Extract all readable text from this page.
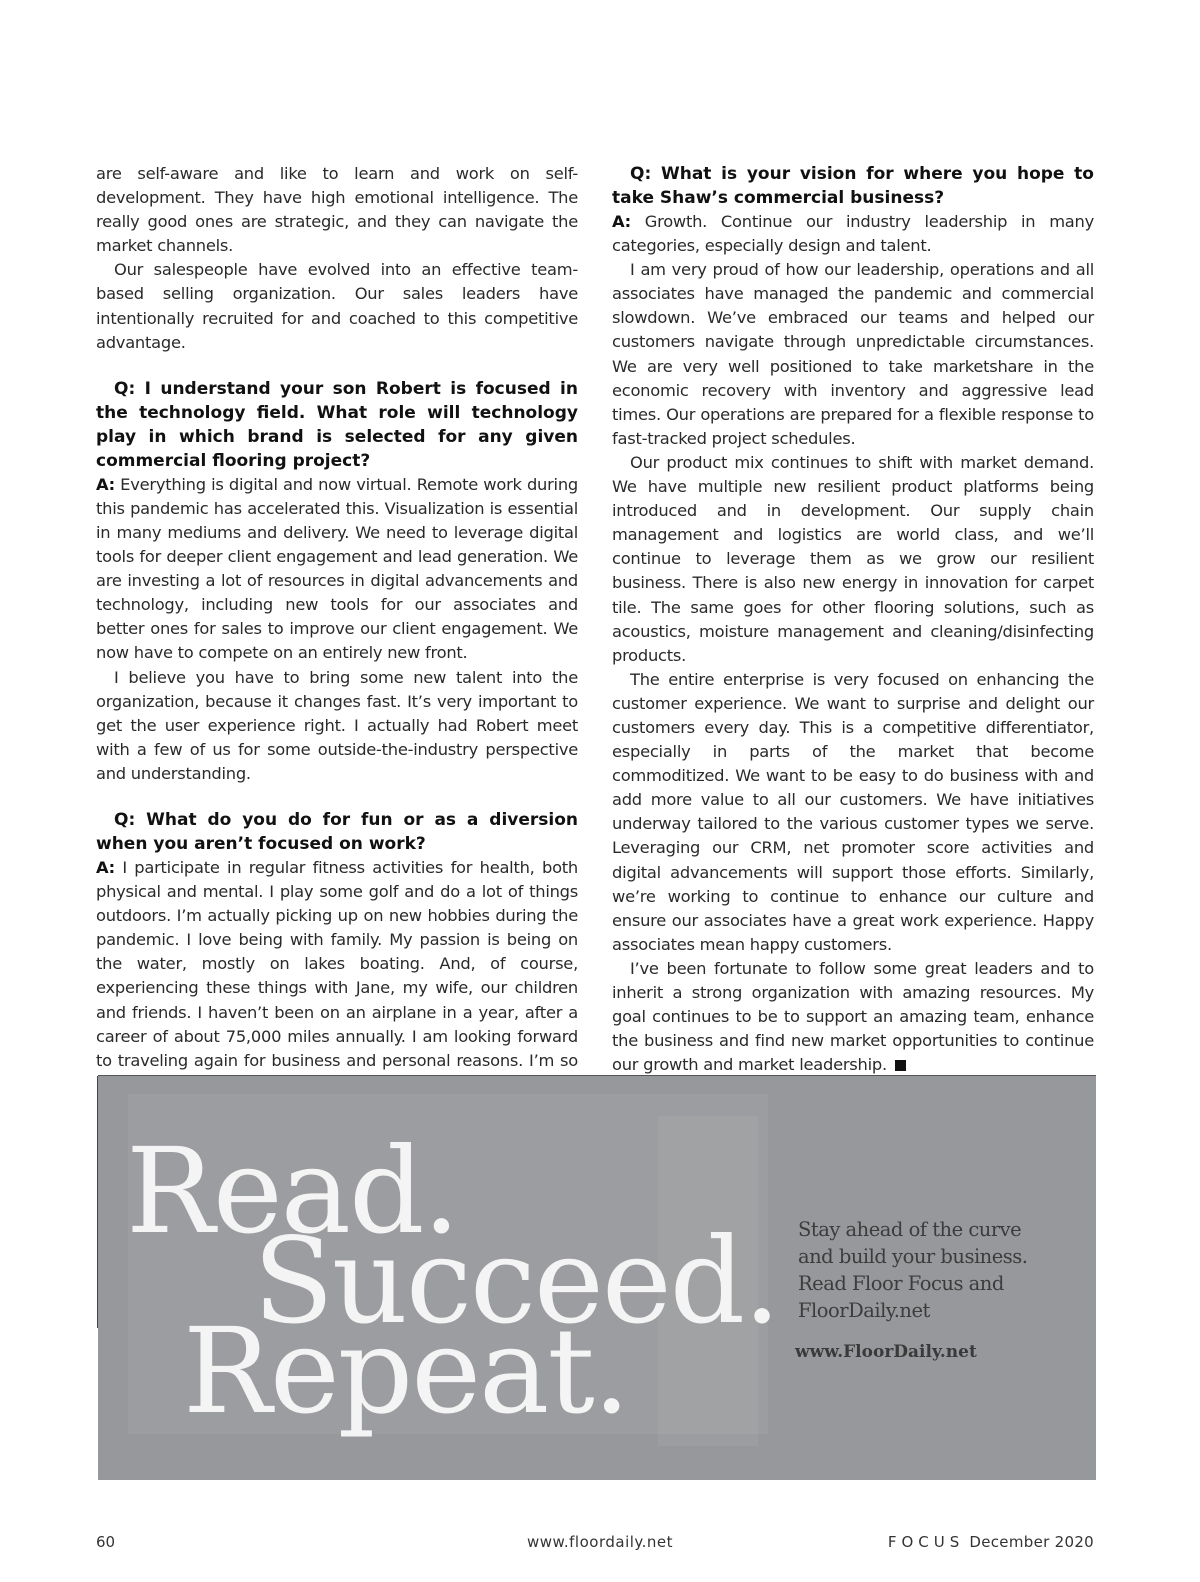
are self-aware and like to learn and work on self-development. They have high emotional intelligence. The really good ones are strategic, and they can navigate the market channels.

Our salespeople have evolved into an effective team-based selling organization. Our sales leaders have intentionally recruited for and coached to this competitive advantage.

Q: I understand your son Robert is focused in the technology field. What role will technology play in which brand is selected for any given commercial flooring project?

A: Everything is digital and now virtual. Remote work during this pandemic has accelerated this. Visualization is essential in many mediums and delivery. We need to leverage digital tools for deeper client engagement and lead generation. We are investing a lot of resources in digital advancements and technology, including new tools for our associates and better ones for sales to improve our client engagement. We now have to compete on an entirely new front.

I believe you have to bring some new talent into the organization, because it changes fast. It’s very important to get the user experience right. I actually had Robert meet with a few of us for some outside-the-industry perspective and understanding.

Q: What do you do for fun or as a diversion when you aren’t focused on work?

A: I participate in regular fitness activities for health, both physical and mental. I play some golf and do a lot of things outdoors. I’m actually picking up on new hobbies during the pandemic. I love being with family. My passion is being on the water, mostly on lakes boating. And, of course, experiencing these things with Jane, my wife, our children and friends. I haven’t been on an airplane in a year, after a career of about 75,000 miles annually. I am looking forward to traveling again for business and personal reasons. I’m so

Q: What is your vision for where you hope to take Shaw’s commercial business?

A: Growth. Continue our industry leadership in many categories, especially design and talent.

I am very proud of how our leadership, operations and all associates have managed the pandemic and commercial slowdown. We’ve embraced our teams and helped our customers navigate through unpredictable circumstances. We are very well positioned to take marketshare in the economic recovery with inventory and aggressive lead times. Our operations are prepared for a flexible response to fast-tracked project schedules.

Our product mix continues to shift with market demand. We have multiple new resilient product platforms being introduced and in development. Our supply chain management and logistics are world class, and we’ll continue to leverage them as we grow our resilient business. There is also new energy in innovation for carpet tile. The same goes for other flooring solutions, such as acoustics, moisture management and cleaning/disinfecting products.

The entire enterprise is very focused on enhancing the customer experience. We want to surprise and delight our customers every day. This is a competitive differentiator, especially in parts of the market that become commoditized. We want to be easy to do business with and add more value to all our customers. We have initiatives underway tailored to the various customer types we serve. Leveraging our CRM, net promoter score activities and digital advancements will support those efforts. Similarly, we’re working to continue to enhance our culture and ensure our associates have a great work experience. Happy associates mean happy customers.

I’ve been fortunate to follow some great leaders and to inherit a strong organization with amazing resources. My goal continues to be to support an amazing team, enhance the business and find new market opportunities to continue our growth and market leadership.

Read.
Succeed.
Repeat.
Stay ahead of the curve
and build your business.
Read Floor Focus and
FloorDaily.net
www.FloorDaily.net
60	www.floordaily.net	FOCUS December 2020
